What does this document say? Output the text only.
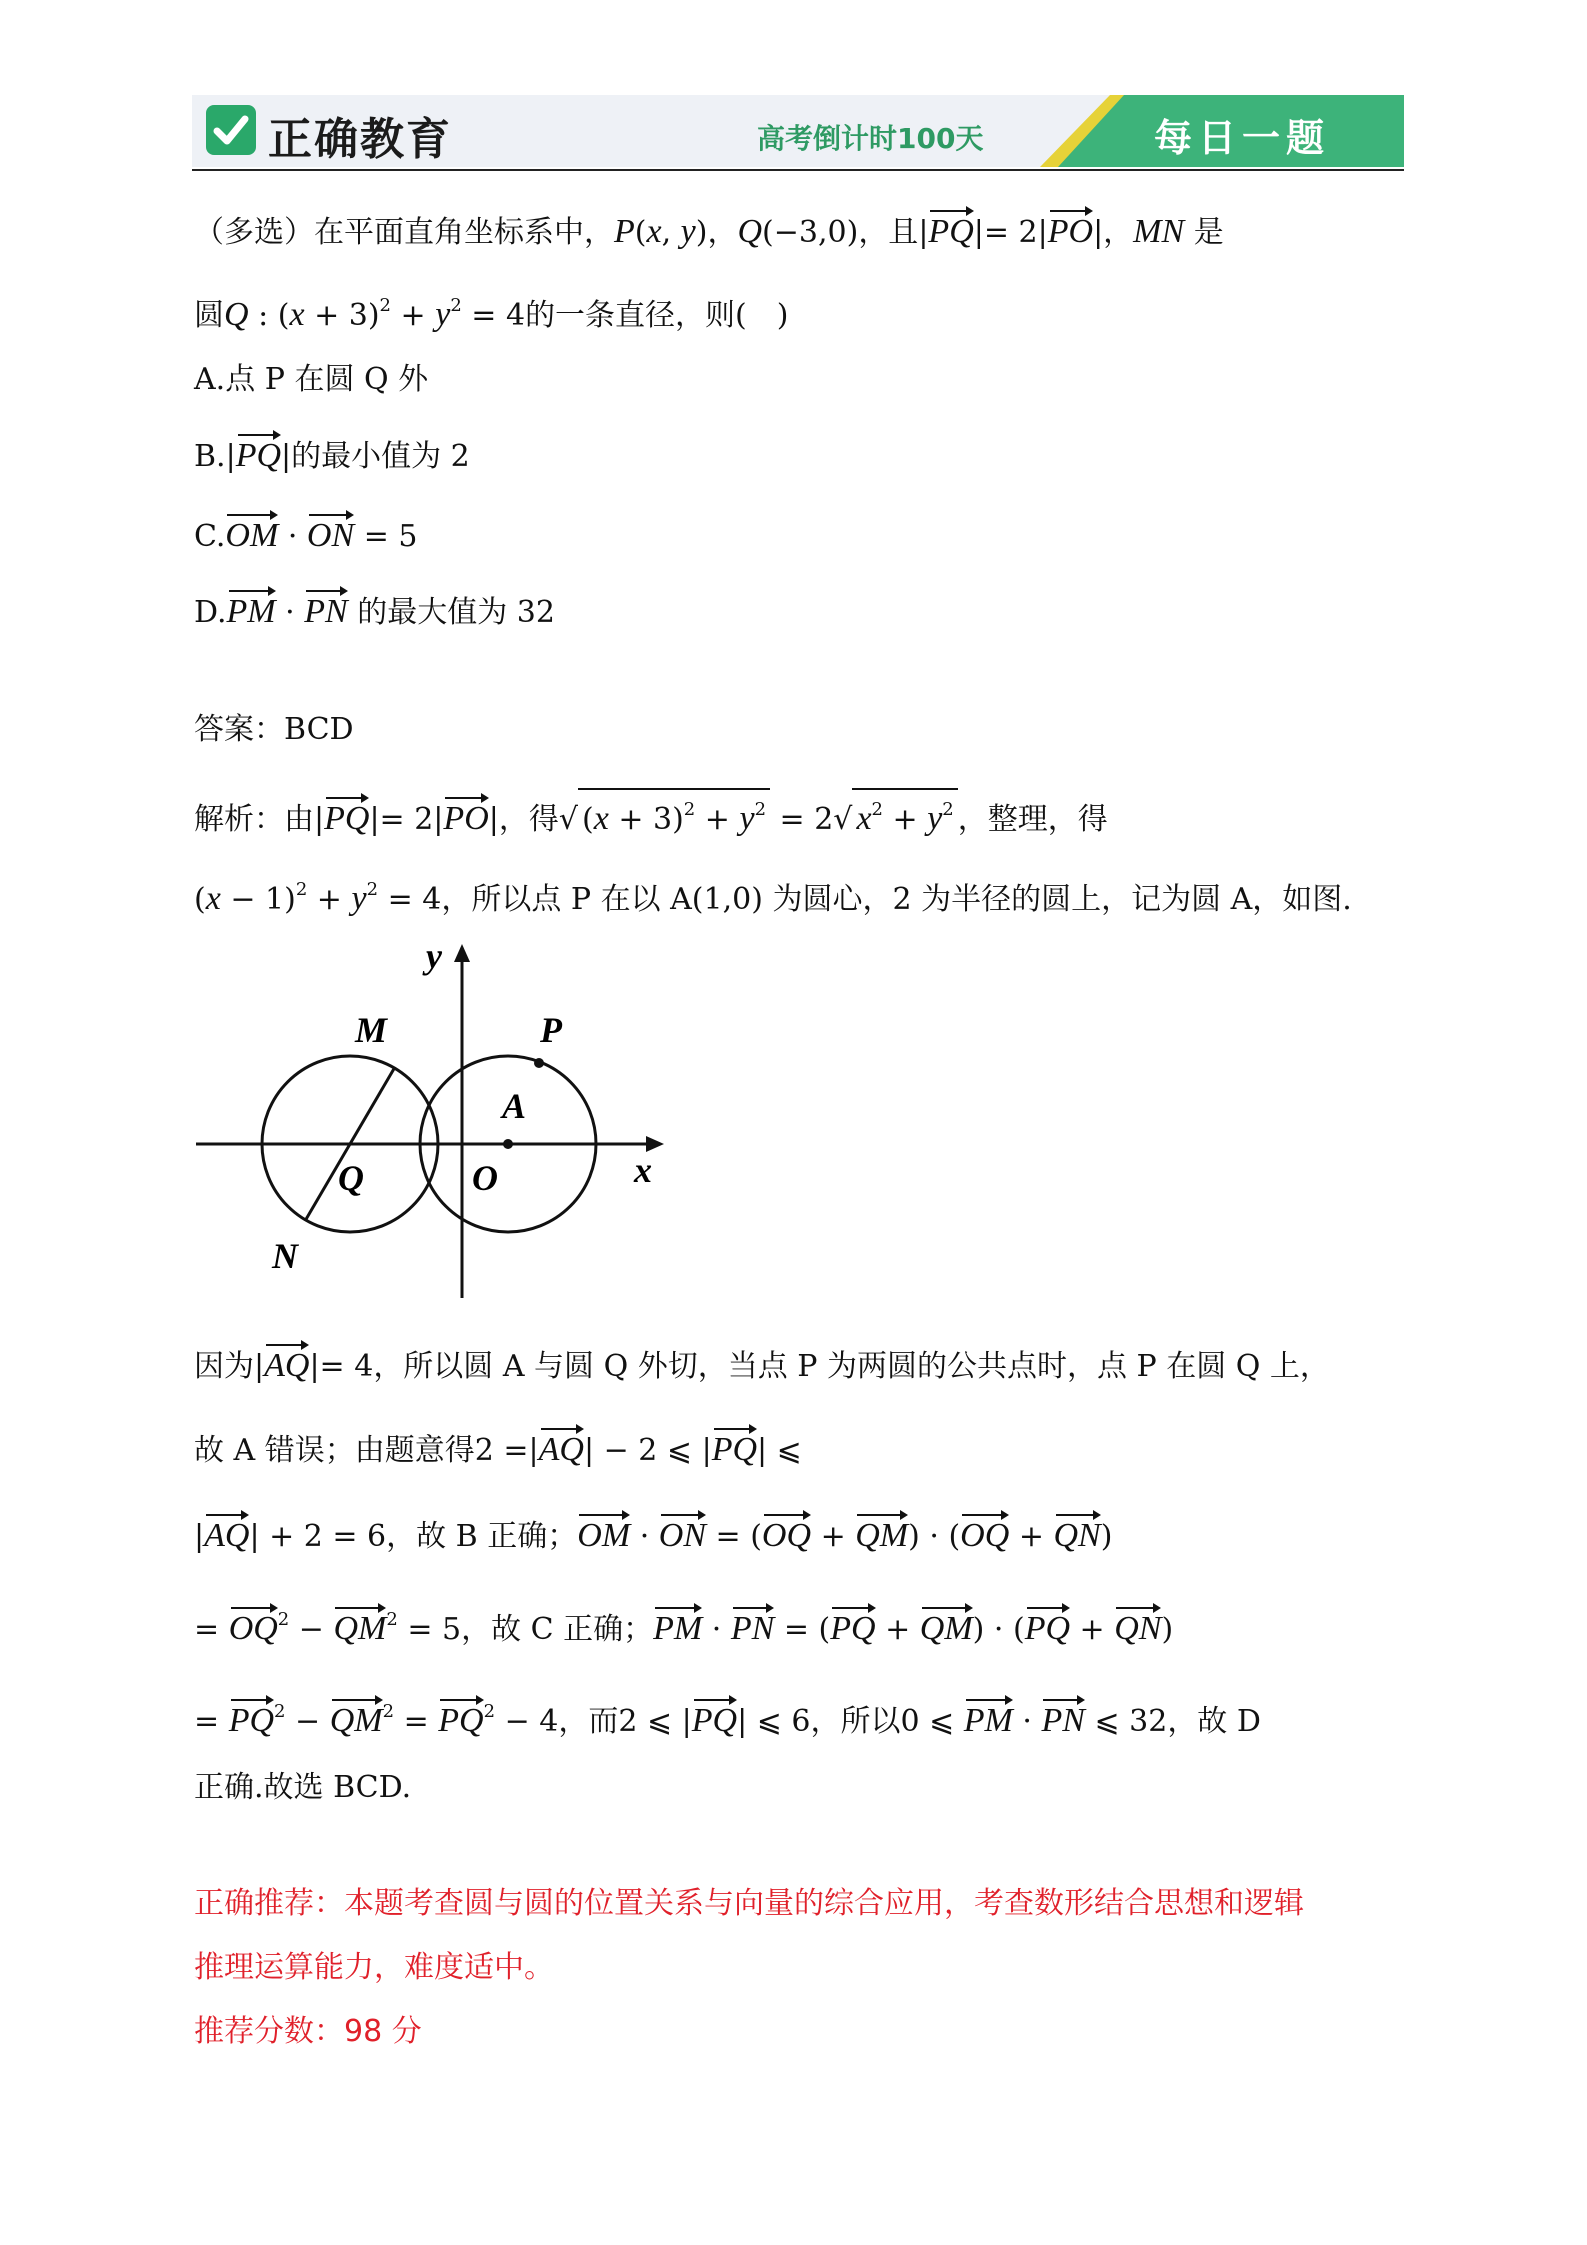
正确教育	高考倒计时100天	每日一题
（多选）在平面直角坐标系中，P(x, y)，Q(−3,0)，且|PQ|= 2|PO|，MN 是
圆Q : $(x + 3)^2 + y^2 = 4$的一条直径，则(　)
A.点 P 在圆 Q 外
B.|PQ|的最小值为 2
C.OM · ON = 5
D.PM · PN 的最大值为 32
答案：BCD
解析：由|PQ|= 2|PO|，得√ $(x + 3)^2 + y^2 = 2√$ $x^2 + y^2$ ，整理，得
$(x - 1)^2 + y^2 = 4$，所以点 P 在以 A(1,0) 为圆心，2 为半径的圆上，记为圆 A，如图.
y
M	P
A
Q	O	x
N
因为|AQ|= 4，所以圆 A 与圆 Q 外切，当点 P 为两圆的公共点时，点 P 在圆 Q 上，
故 A 错误；由题意得2 =|AQ| − 2 ⩽ |PQ| ⩽
|AQ| + 2 = 6，故 B 正确；OM · ON = (OQ + QM) · (OQ + QN)
= $OQ^2 - QM^2 = 5$，故 C 正确；PM · PN = (PQ + QM) · (PQ + QN)
= $PQ^2 - QM^2 = PQ^2 - 4$，而2 ⩽ |PQ| ⩽ 6，所以0 ⩽ PM · PN ⩽ 32，故 D
正确.故选 BCD.
正确推荐：本题考查圆与圆的位置关系与向量的综合应用，考查数形结合思想和逻辑
推理运算能力，难度适中。
推荐分数：98 分
